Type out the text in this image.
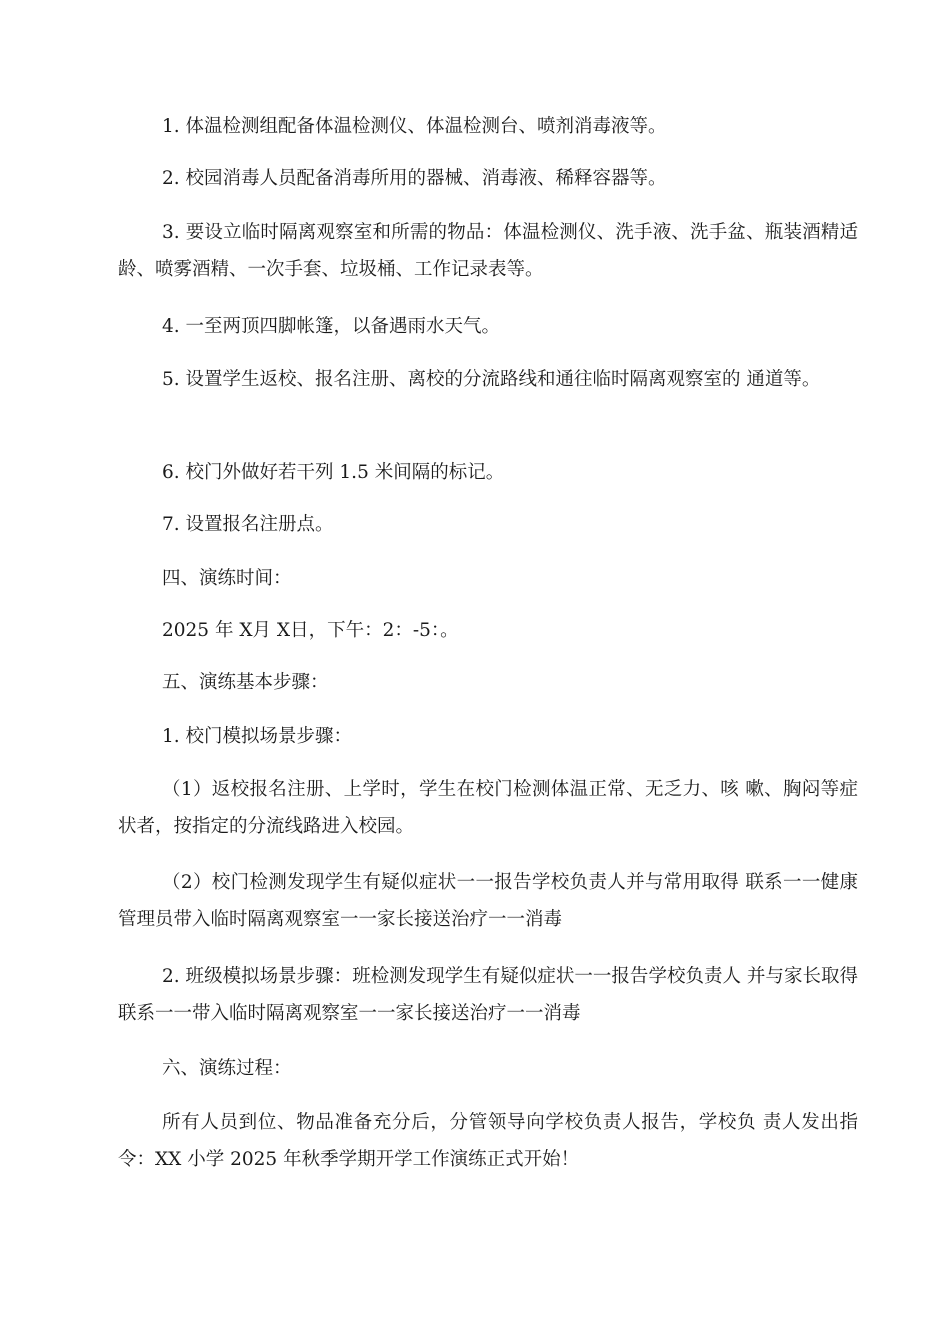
1. 体温检测组配备体温检测仪、体温检测台、喷剂消毒液等。

2. 校园消毒人员配备消毒所用的器械、消毒液、稀释容器等。

3. 要设立临时隔离观察室和所需的物品：体温检测仪、洗手液、洗手盆、瓶装酒精适龄、喷雾酒精、一次手套、垃圾桶、工作记录表等。

4. 一至两顶四脚帐篷，以备遇雨水天气。

5. 设置学生返校、报名注册、离校的分流路线和通往临时隔离观察室的 通道等。

6. 校门外做好若干列 1.5 米间隔的标记。

7. 设置报名注册点。

四、演练时间：

2025 年 X月 X日，下午：2：-5：。

五、演练基本步骤：

1. 校门模拟场景步骤：

（1）返校报名注册、上学时，学生在校门检测体温正常、无乏力、咳 嗽、胸闷等症状者，按指定的分流线路进入校园。

（2）校门检测发现学生有疑似症状一一报告学校负责人并与常用取得 联系一一健康管理员带入临时隔离观察室一一家长接送治疗一一消毒

2. 班级模拟场景步骤：班检测发现学生有疑似症状一一报告学校负责人 并与家长取得联系一一带入临时隔离观察室一一家长接送治疗一一消毒

六、演练过程：

所有人员到位、物品准备充分后，分管领导向学校负责人报告，学校负 责人发出指令：XX 小学 2025 年秋季学期开学工作演练正式开始！
